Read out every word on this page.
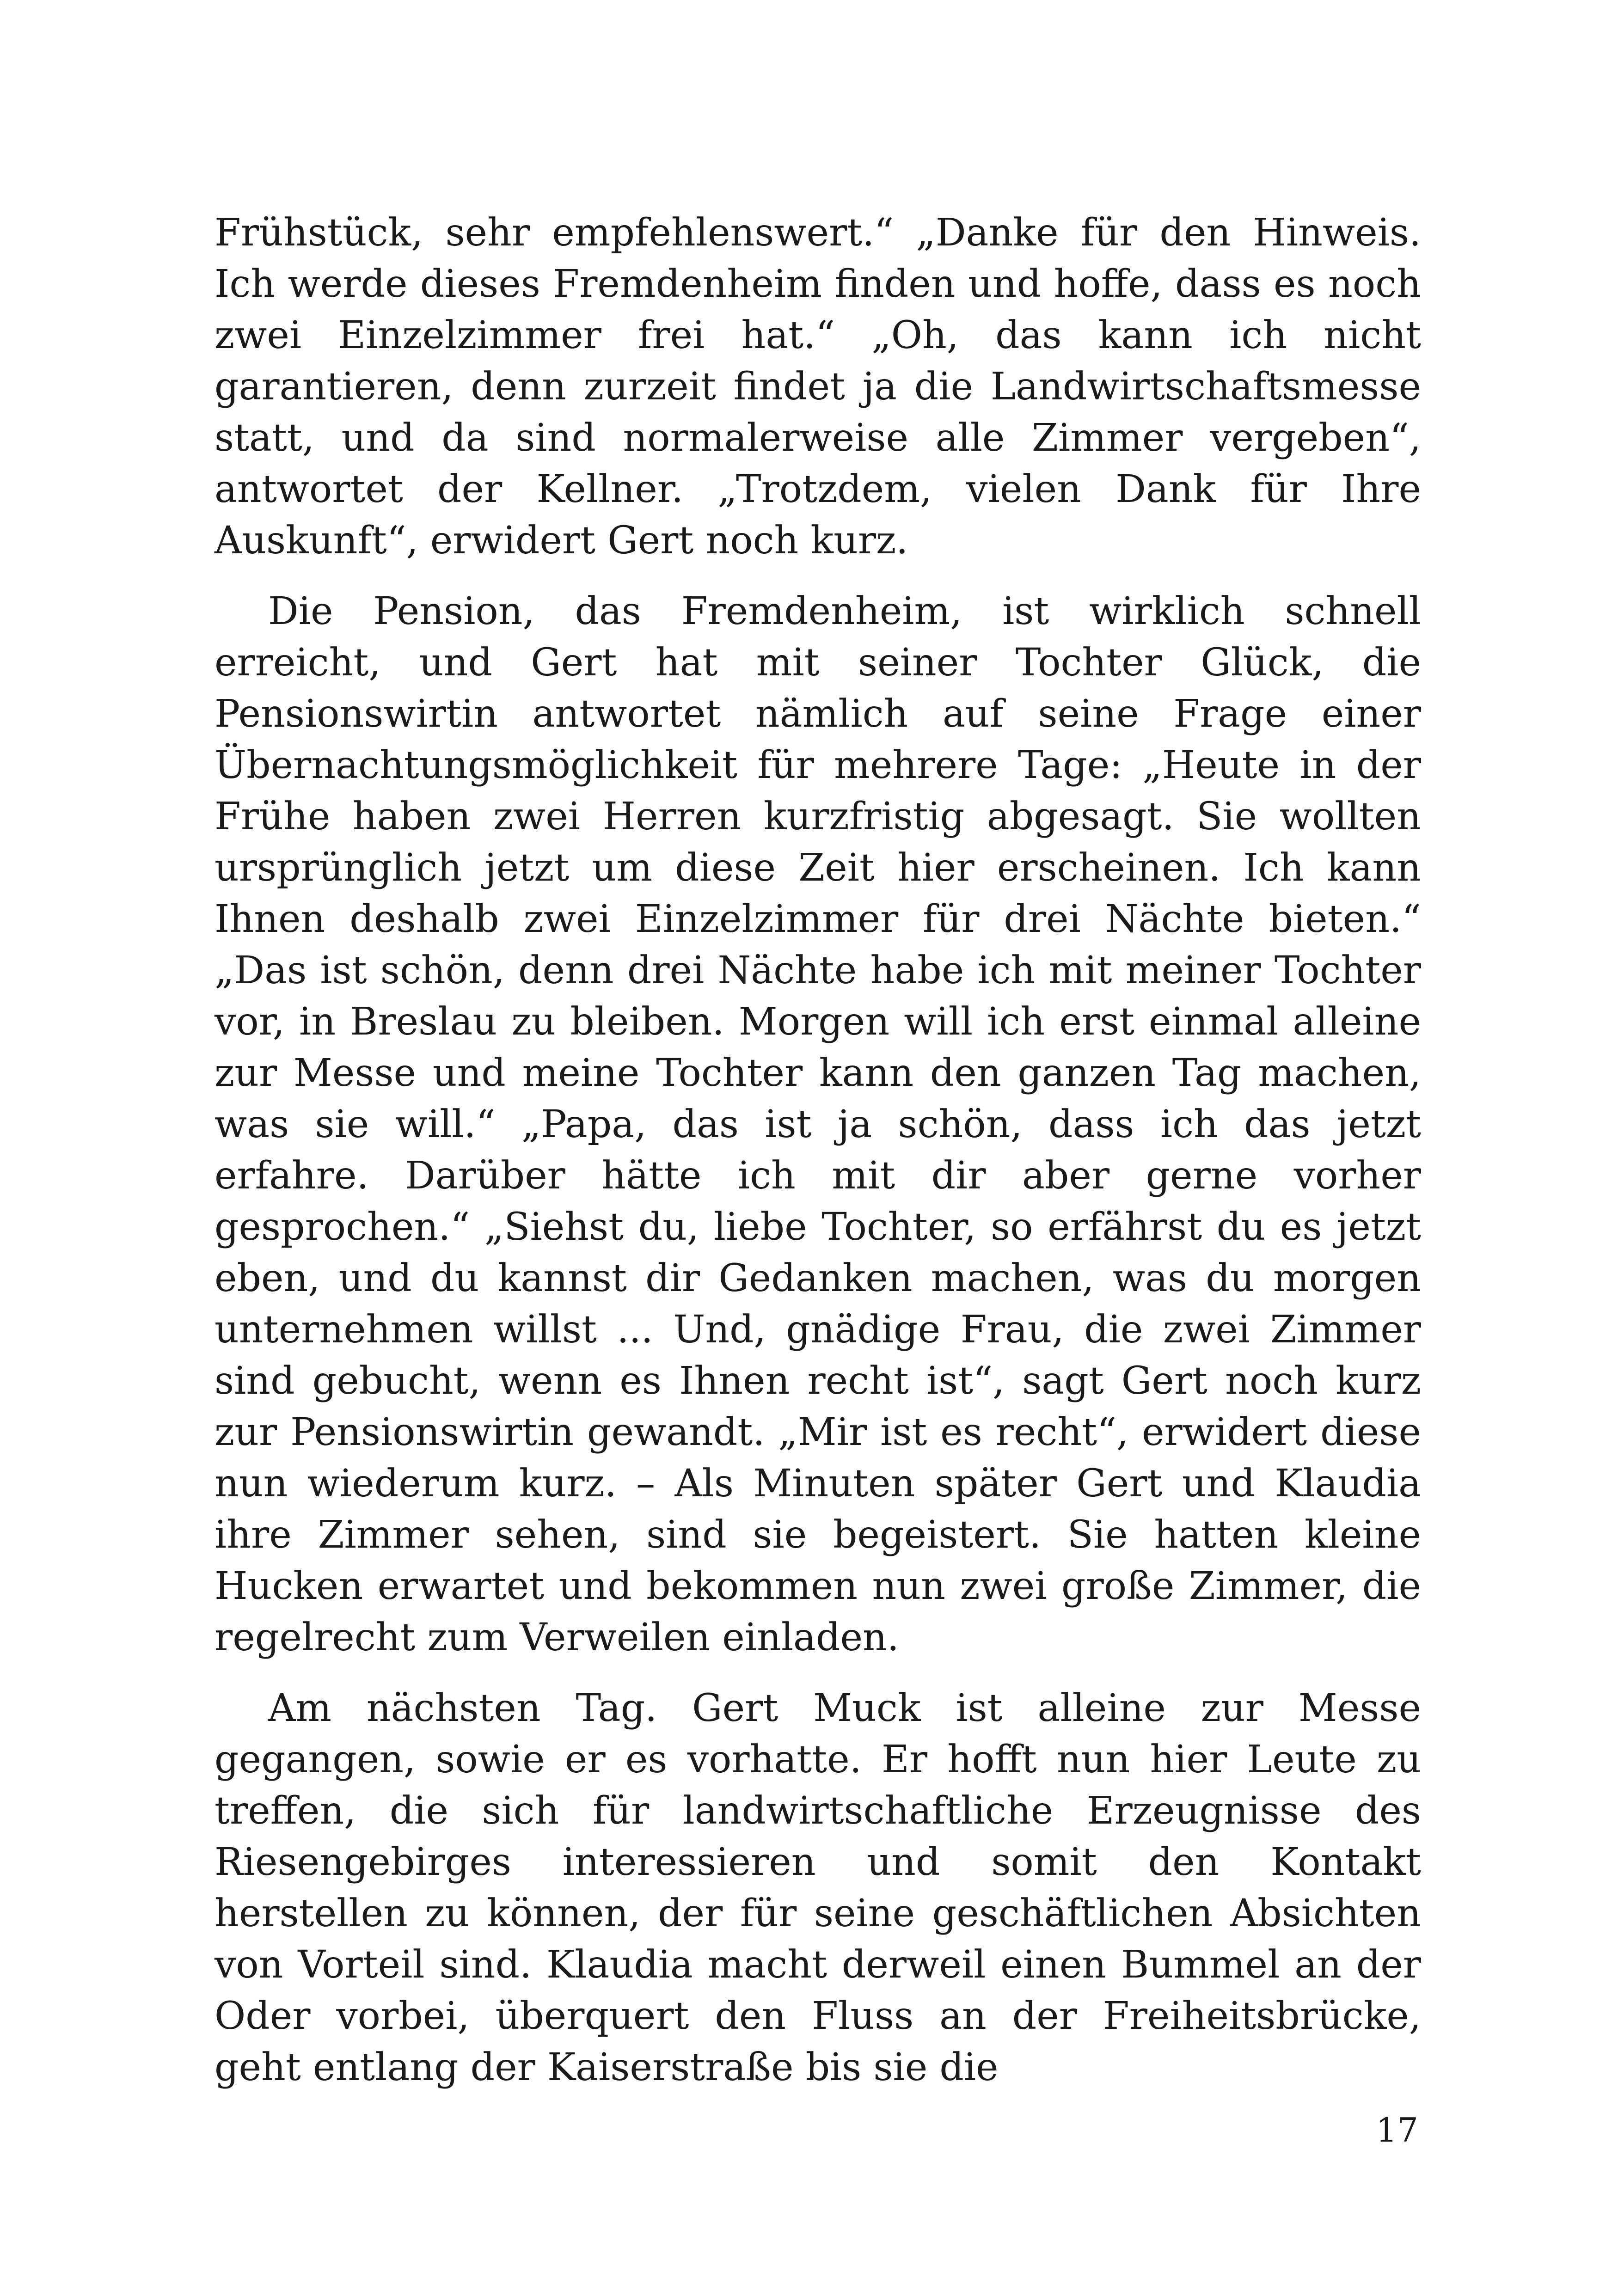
Frühstück, sehr empfehlenswert.“ „Danke für den Hinweis. Ich werde dieses Fremdenheim finden und hoffe, dass es noch zwei Einzelzimmer frei hat.“ „Oh, das kann ich nicht garantieren, denn zurzeit findet ja die Landwirtschaftsmesse statt, und da sind normalerweise alle Zimmer vergeben“, antwortet der Kellner. „Trotzdem, vielen Dank für Ihre Auskunft“, erwidert Gert noch kurz.

Die Pension, das Fremdenheim, ist wirklich schnell erreicht, und Gert hat mit seiner Tochter Glück, die Pensionswirtin antwortet nämlich auf seine Frage einer Übernachtungsmöglichkeit für mehrere Tage: „Heute in der Frühe haben zwei Herren kurzfristig abgesagt. Sie wollten ursprünglich jetzt um diese Zeit hier erscheinen. Ich kann Ihnen deshalb zwei Einzelzimmer für drei Nächte bieten.“ „Das ist schön, denn drei Nächte habe ich mit meiner Tochter vor, in Breslau zu bleiben. Morgen will ich erst einmal alleine zur Messe und meine Tochter kann den ganzen Tag machen, was sie will.“ „Papa, das ist ja schön, dass ich das jetzt erfahre. Darüber hätte ich mit dir aber gerne vorher gesprochen.“ „Siehst du, liebe Tochter, so erfährst du es jetzt eben, und du kannst dir Gedanken machen, was du morgen unternehmen willst ... Und, gnädige Frau, die zwei Zimmer sind gebucht, wenn es Ihnen recht ist“, sagt Gert noch kurz zur Pensionswirtin gewandt. „Mir ist es recht“, erwidert diese nun wiederum kurz. – Als Minuten später Gert und Klaudia ihre Zimmer sehen, sind sie begeistert. Sie hatten kleine Hucken erwartet und bekommen nun zwei große Zimmer, die regelrecht zum Verweilen einladen.

Am nächsten Tag. Gert Muck ist alleine zur Messe gegangen, sowie er es vorhatte. Er hofft nun hier Leute zu treffen, die sich für landwirtschaftliche Erzeugnisse des Riesengebirges interessieren und somit den Kontakt herstellen zu können, der für seine geschäftlichen Absichten von Vorteil sind. Klaudia macht derweil einen Bummel an der Oder vorbei, überquert den Fluss an der Freiheitsbrücke, geht entlang der Kaiserstraße bis sie die

17
